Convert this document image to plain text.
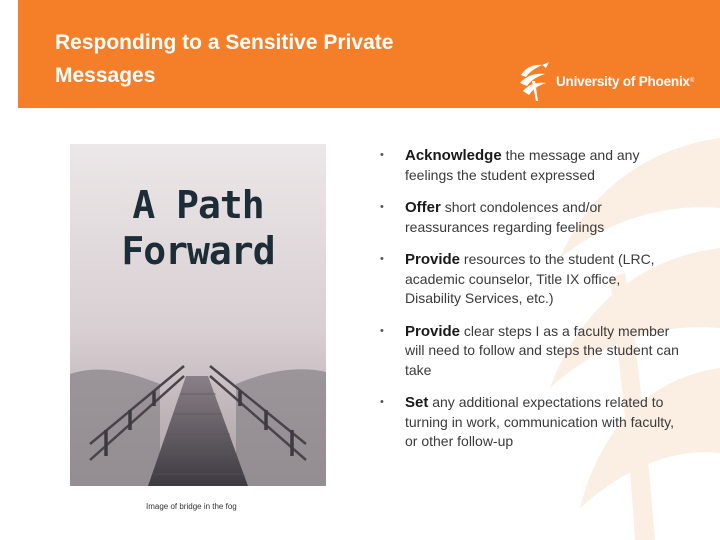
Responding to a Sensitive Private Messages	University of Phoenix ®
A Path
Forward
Image of bridge in the fog
• Acknowledge the message and any feelings the student expressed
• Offer short condolences and/or reassurances regarding feelings
• Provide resources to the student (LRC, academic counselor, Title IX office, Disability Services, etc.)
• Provide clear steps I as a faculty member will need to follow and steps the student can take
• Set any additional expectations related to turning in work, communication with faculty, or other follow-up
